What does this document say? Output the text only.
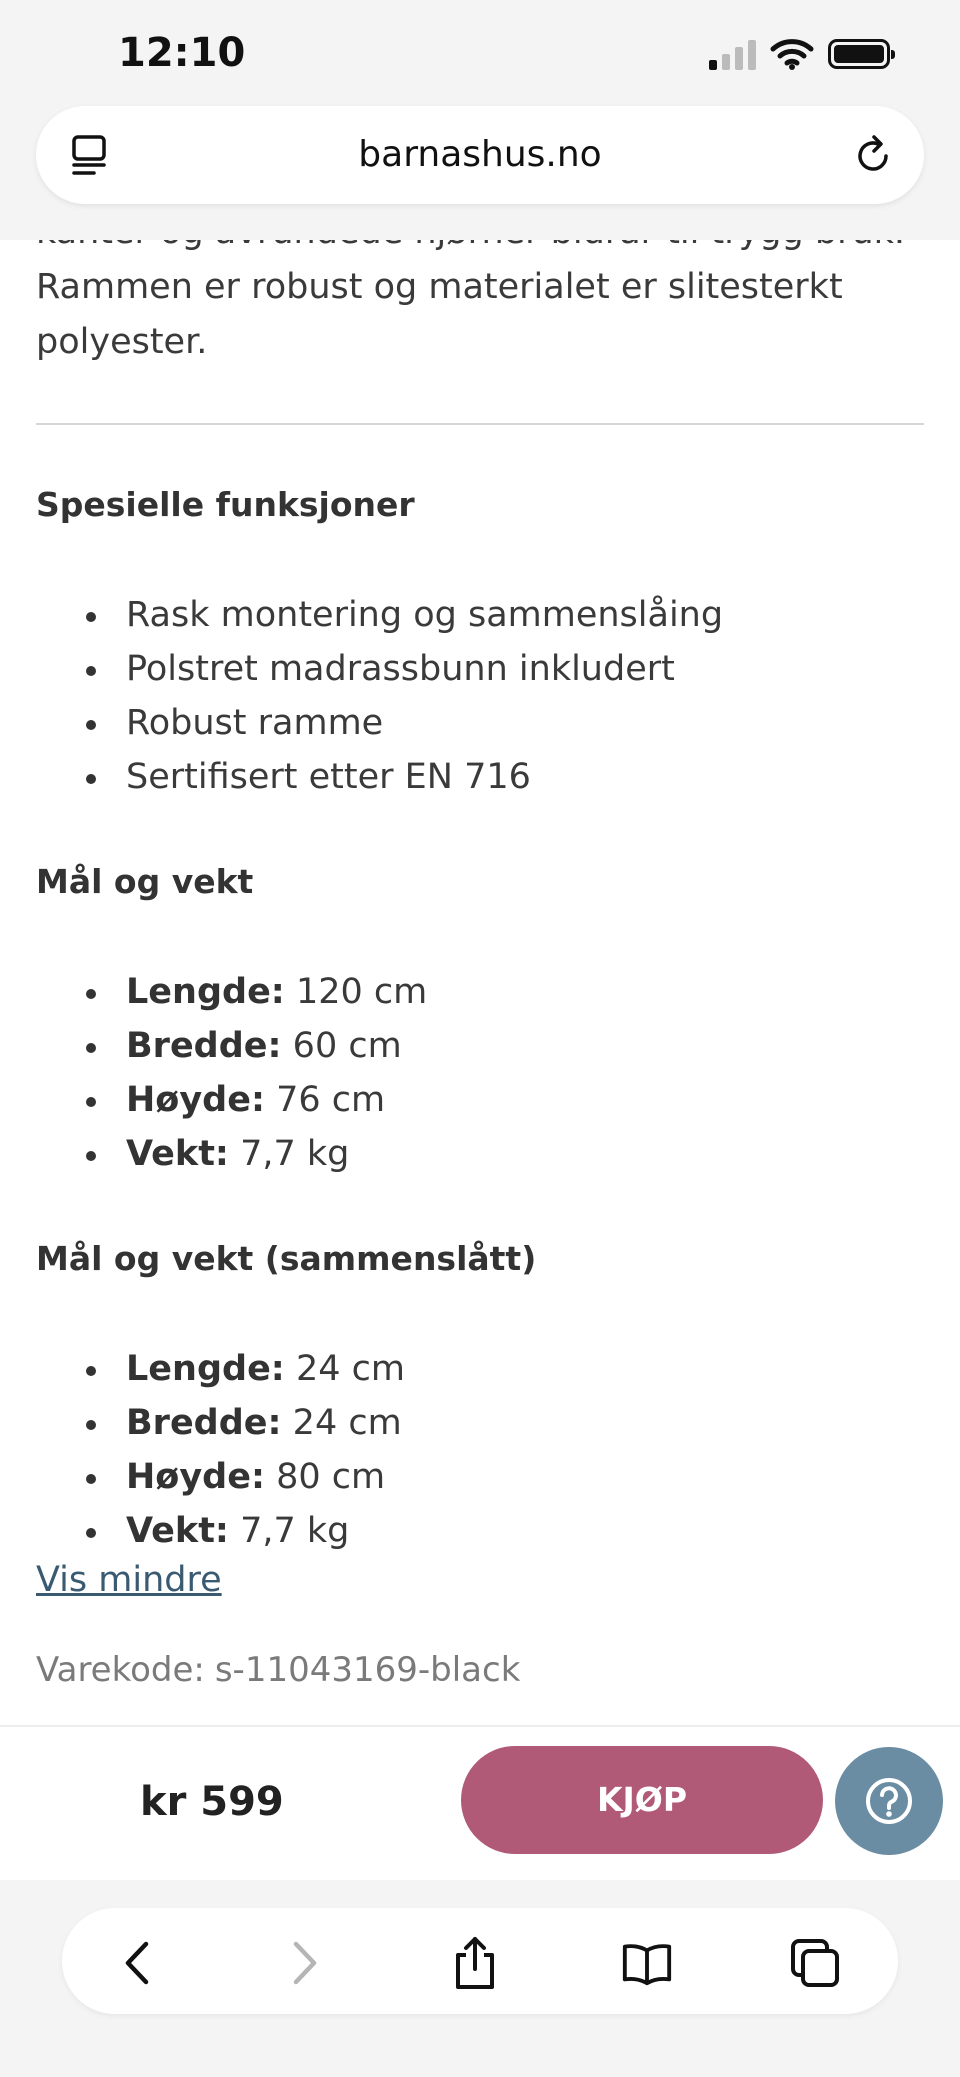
Rammen er robust og materialet er slitesterkt polyester.

Spesielle funksjoner
Rask montering og sammenslåing
Polstret madrassbunn inkludert
Robust ramme
Sertifisert etter EN 716
Mål og vekt
Lengde: 120 cm
Bredde: 60 cm
Høyde: 76 cm
Vekt: 7,7 kg
Mål og vekt (sammenslått)
Lengde: 24 cm
Bredde: 24 cm
Høyde: 80 cm
Vekt: 7,7 kg
Vis mindre
Varekode: s-11043169-black
12:10
barnashus.no
kr 599	KJØP
